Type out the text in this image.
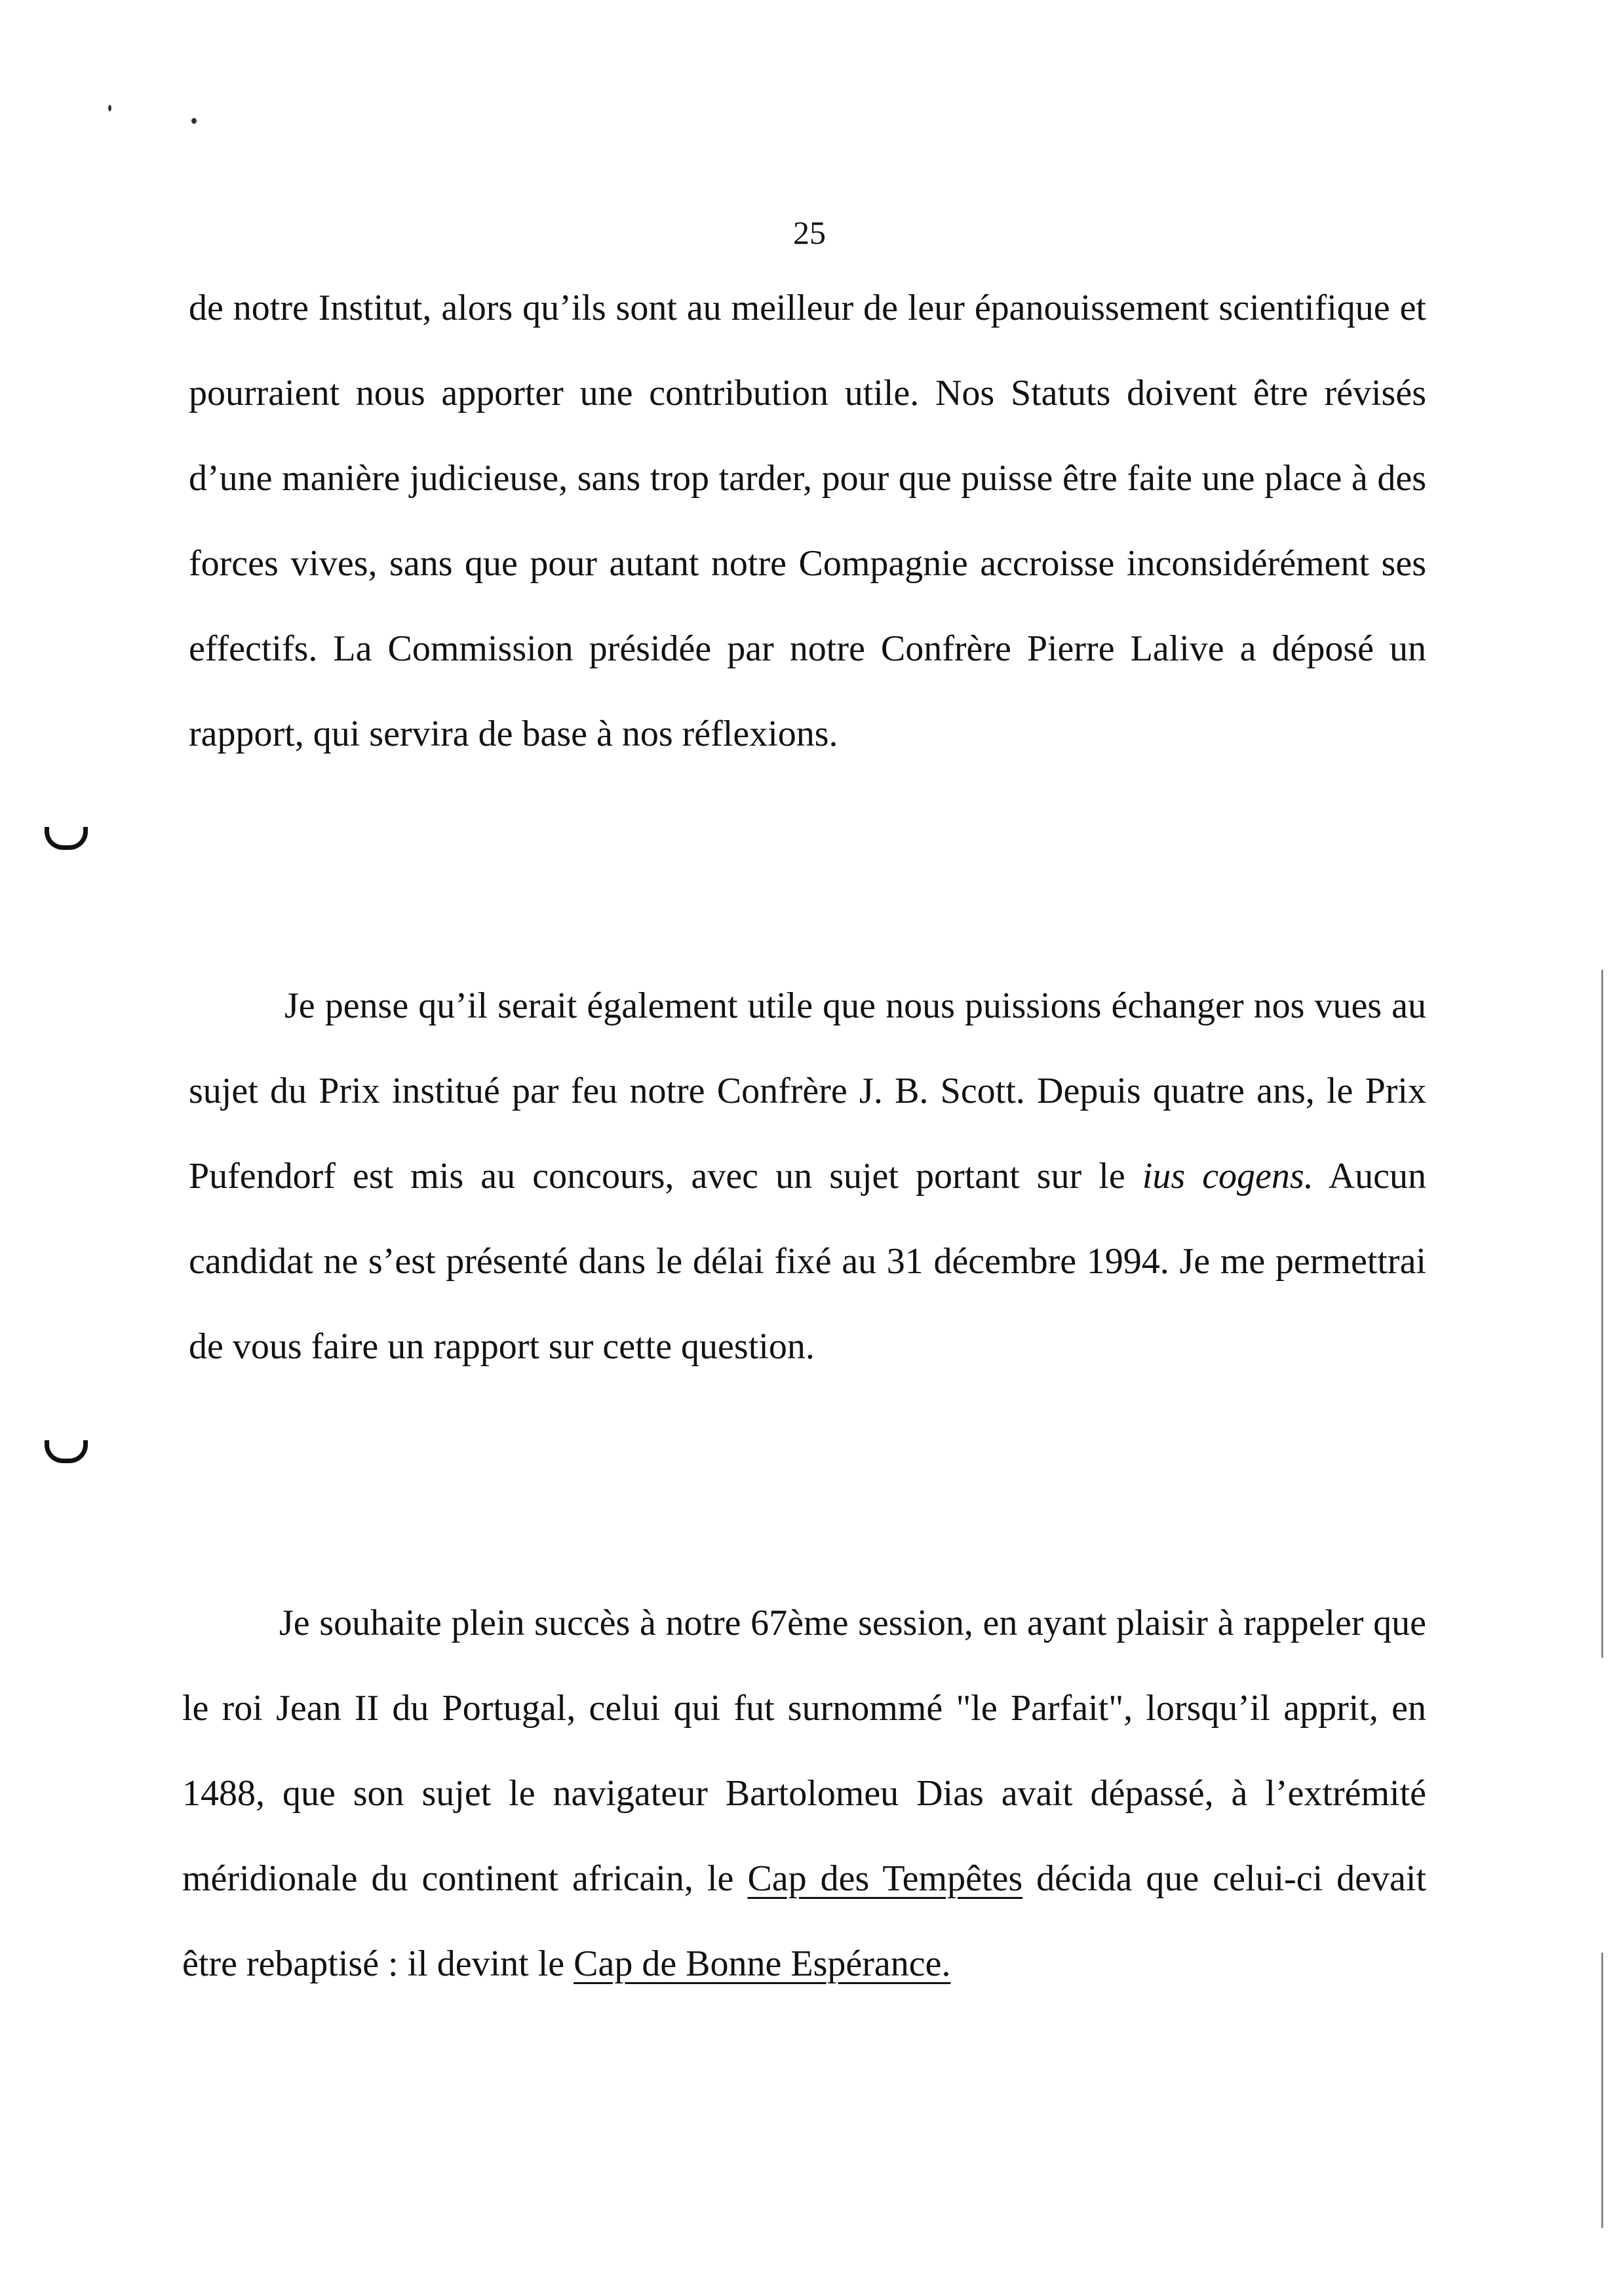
25

de notre Institut, alors qu’ils sont au meilleur de leur épanouissement scientifique et pourraient nous apporter une contribution utile. Nos Statuts doivent être révisés d’une manière judicieuse, sans trop tarder, pour que puisse être faite une place à des forces vives, sans que pour autant notre Compagnie accroisse inconsidérément ses effectifs. La Commission présidée par notre Confrère Pierre Lalive a déposé un rapport, qui servira de base à nos réflexions.

Je pense qu’il serait également utile que nous puissions échanger nos vues au sujet du Prix institué par feu notre Confrère J. B. Scott. Depuis quatre ans, le Prix Pufendorf est mis au concours, avec un sujet portant sur le ius cogens. Aucun candidat ne s’est présenté dans le délai fixé au 31 décembre 1994. Je me permettrai de vous faire un rapport sur cette question.

Je souhaite plein succès à notre 67ème session, en ayant plaisir à rappeler que le roi Jean II du Portugal, celui qui fut surnommé "le Parfait", lorsqu’il apprit, en 1488, que son sujet le navigateur Bartolomeu Dias avait dépassé, à l’extrémité méridionale du continent africain, le Cap des Tempêtes décida que celui-ci devait être rebaptisé : il devint le Cap de Bonne Espérance.
